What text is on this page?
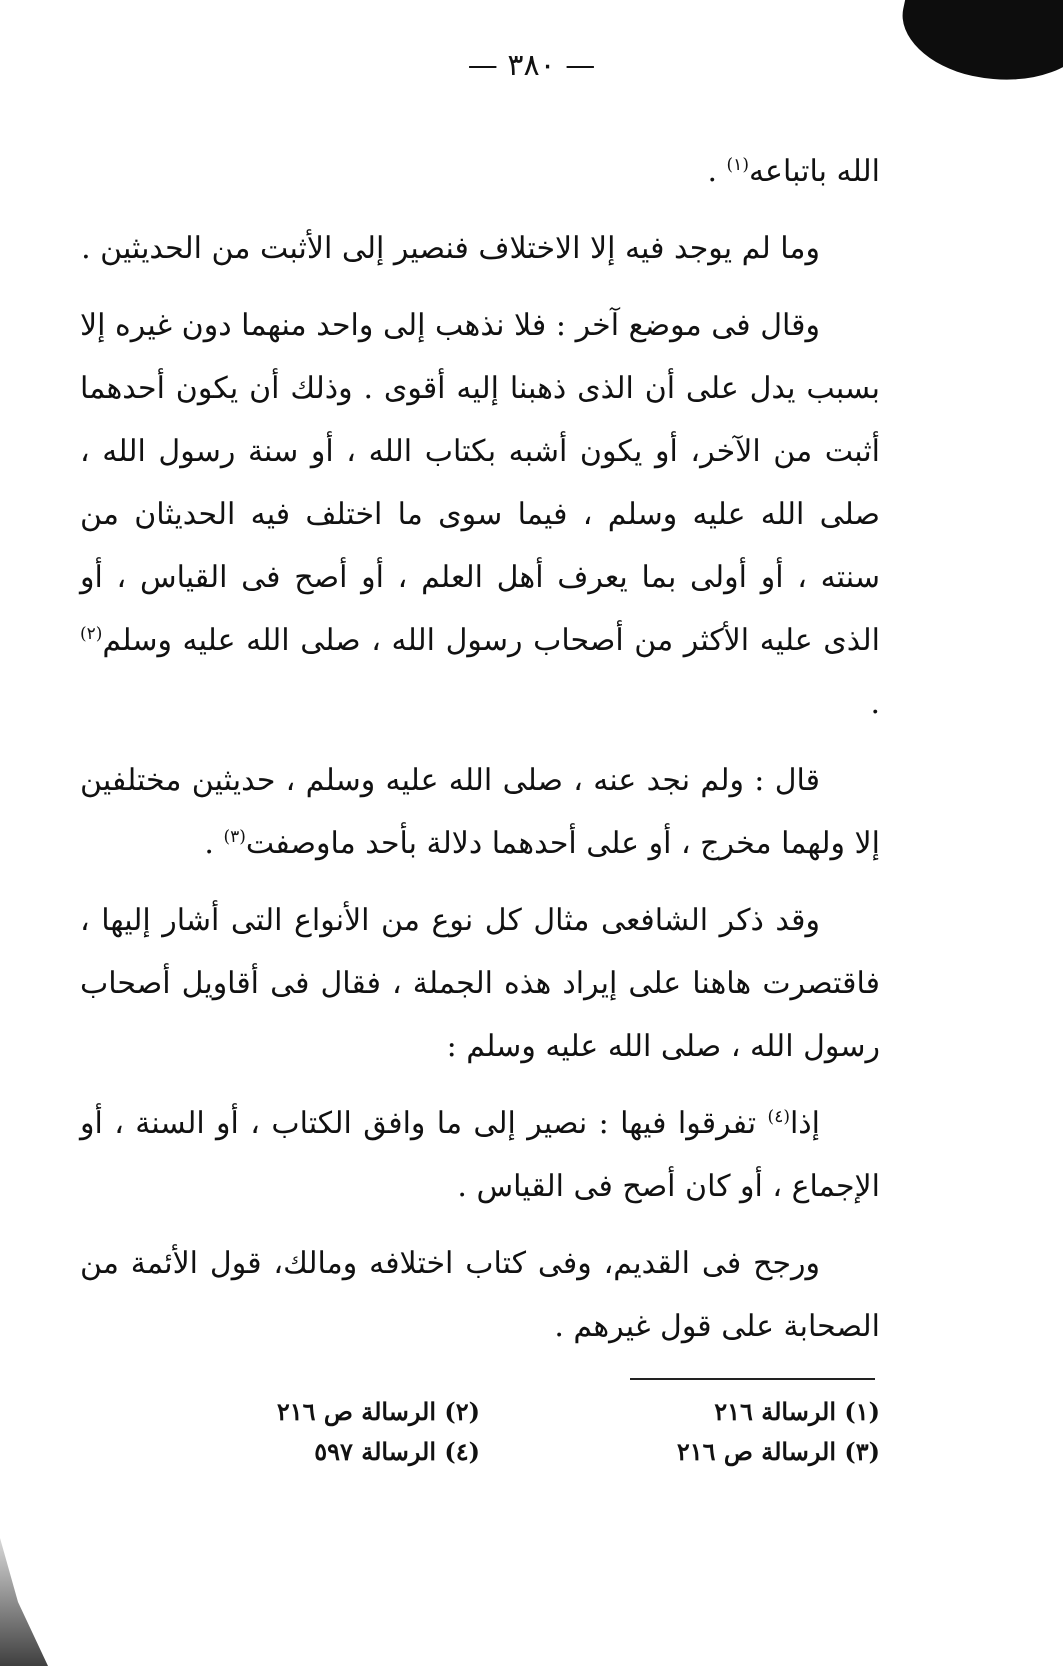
— ٣٨٠ —

الله باتباعه$^{(١)}$ .

وما لم يوجد فيه إلا الاختلاف فنصير إلى الأثبت من الحديثين .

وقال فى موضع آخر : فلا نذهب إلى واحد منهما دون غيره إلا بسبب يدل على أن الذى ذهبنا إليه أقوى . وذلك أن يكون أحدهما أثبت من الآخر، أو يكون أشبه بكتاب الله ، أو سنة رسول الله ، صلى الله عليه وسلم ، فيما سوى ما اختلف فيه الحديثان من سنته ، أو أولى بما يعرف أهل العلم ، أو أصح فى القياس ، أو الذى عليه الأكثر من أصحاب رسول الله ، صلى الله عليه وسلم$^{(٢)}$ .

قال : ولم نجد عنه ، صلى الله عليه وسلم ، حديثين مختلفين إلا ولهما مخرج ، أو على أحدهما دلالة بأحد ماوصفت$^{(٣)}$ .

وقد ذكر الشافعى مثال كل نوع من الأنواع التى أشار إليها ، فاقتصرت هاهنا على إيراد هذه الجملة ، فقال فى أقاويل أصحاب رسول الله ، صلى الله عليه وسلم :

إذا$^{(٤)}$ تفرقوا فيها : نصير إلى ما وافق الكتاب ، أو السنة ، أو الإجماع ، أو كان أصح فى القياس .

ورجح فى القديم، وفى كتاب اختلافه ومالك، قول الأئمة من الصحابة على قول غيرهم .

(١) الرسالة ٢١٦
(٢) الرسالة ص ٢١٦
(٣) الرسالة ص ٢١٦
(٤) الرسالة ٥٩٧
